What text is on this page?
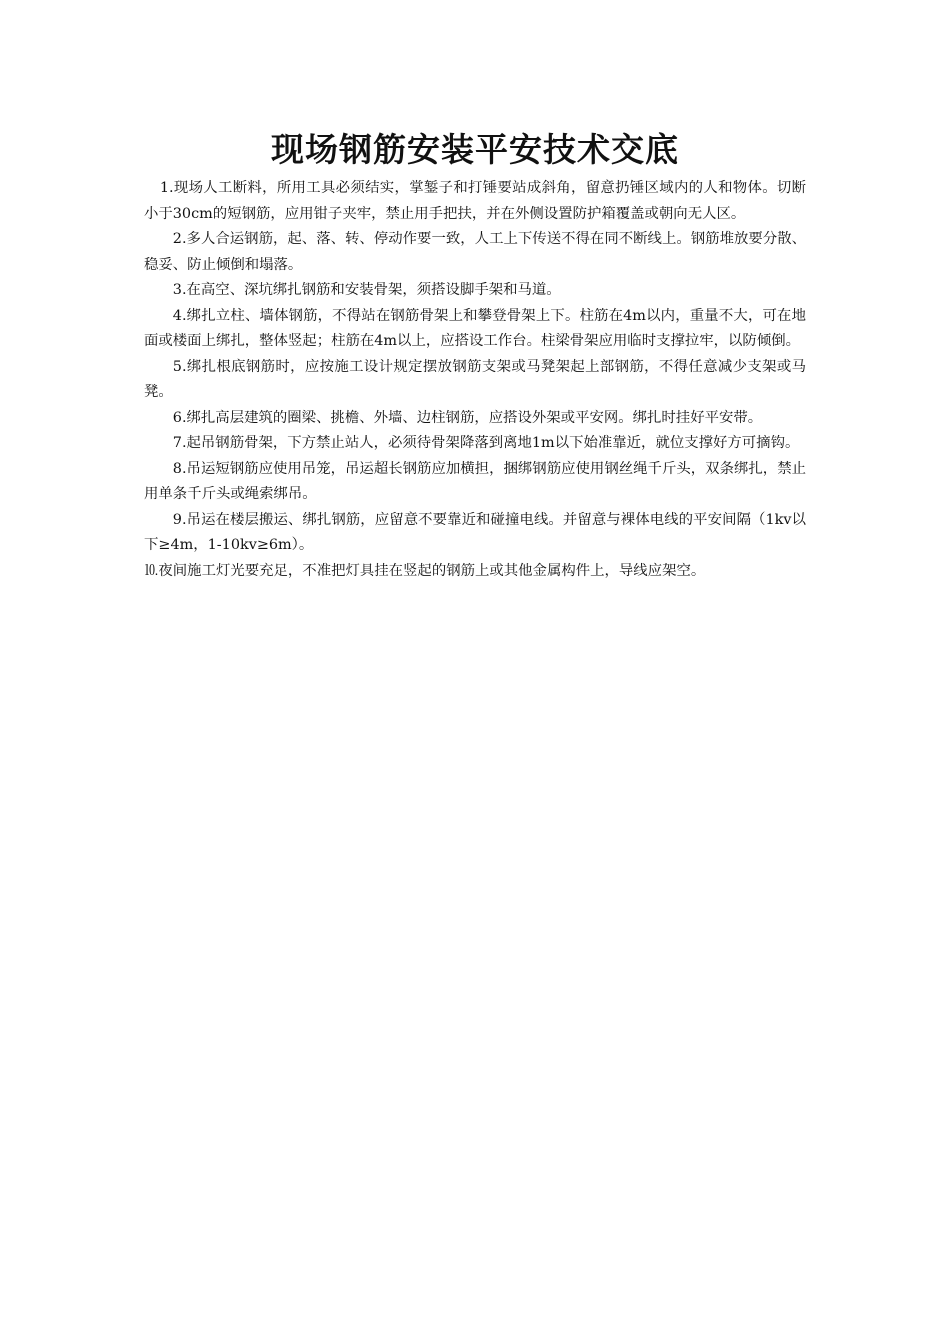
现场钢筋安装平安技术交底

1.现场人工断料，所用工具必须结实，掌錾子和打锤要站成斜角，留意扔锤区域内的人和物体。切断小于30cm的短钢筋，应用钳子夹牢，禁止用手把扶，并在外侧设置防护箱覆盖或朝向无人区。

2.多人合运钢筋，起、落、转、停动作要一致，人工上下传送不得在同不断线上。钢筋堆放要分散、稳妥、防止倾倒和塌落。

3.在高空、深坑绑扎钢筋和安装骨架，须搭设脚手架和马道。

4.绑扎立柱、墙体钢筋，不得站在钢筋骨架上和攀登骨架上下。柱筋在4m以内，重量不大，可在地面或楼面上绑扎，整体竖起；柱筋在4m以上，应搭设工作台。柱梁骨架应用临时支撑拉牢，以防倾倒。

5.绑扎根底钢筋时，应按施工设计规定摆放钢筋支架或马凳架起上部钢筋，不得任意减少支架或马凳。

6.绑扎高层建筑的圈梁、挑檐、外墙、边柱钢筋，应搭设外架或平安网。绑扎时挂好平安带。

7.起吊钢筋骨架，下方禁止站人，必须待骨架降落到离地1m以下始准靠近，就位支撑好方可摘钩。

8.吊运短钢筋应使用吊笼，吊运超长钢筋应加横担，捆绑钢筋应使用钢丝绳千斤头，双条绑扎，禁止用单条千斤头或绳索绑吊。

9.吊运在楼层搬运、绑扎钢筋，应留意不要靠近和碰撞电线。并留意与裸体电线的平安间隔（1kv以下≥4m，1-10kv≥6m）。

⒑夜间施工灯光要充足，不准把灯具挂在竖起的钢筋上或其他金属构件上，导线应架空。
